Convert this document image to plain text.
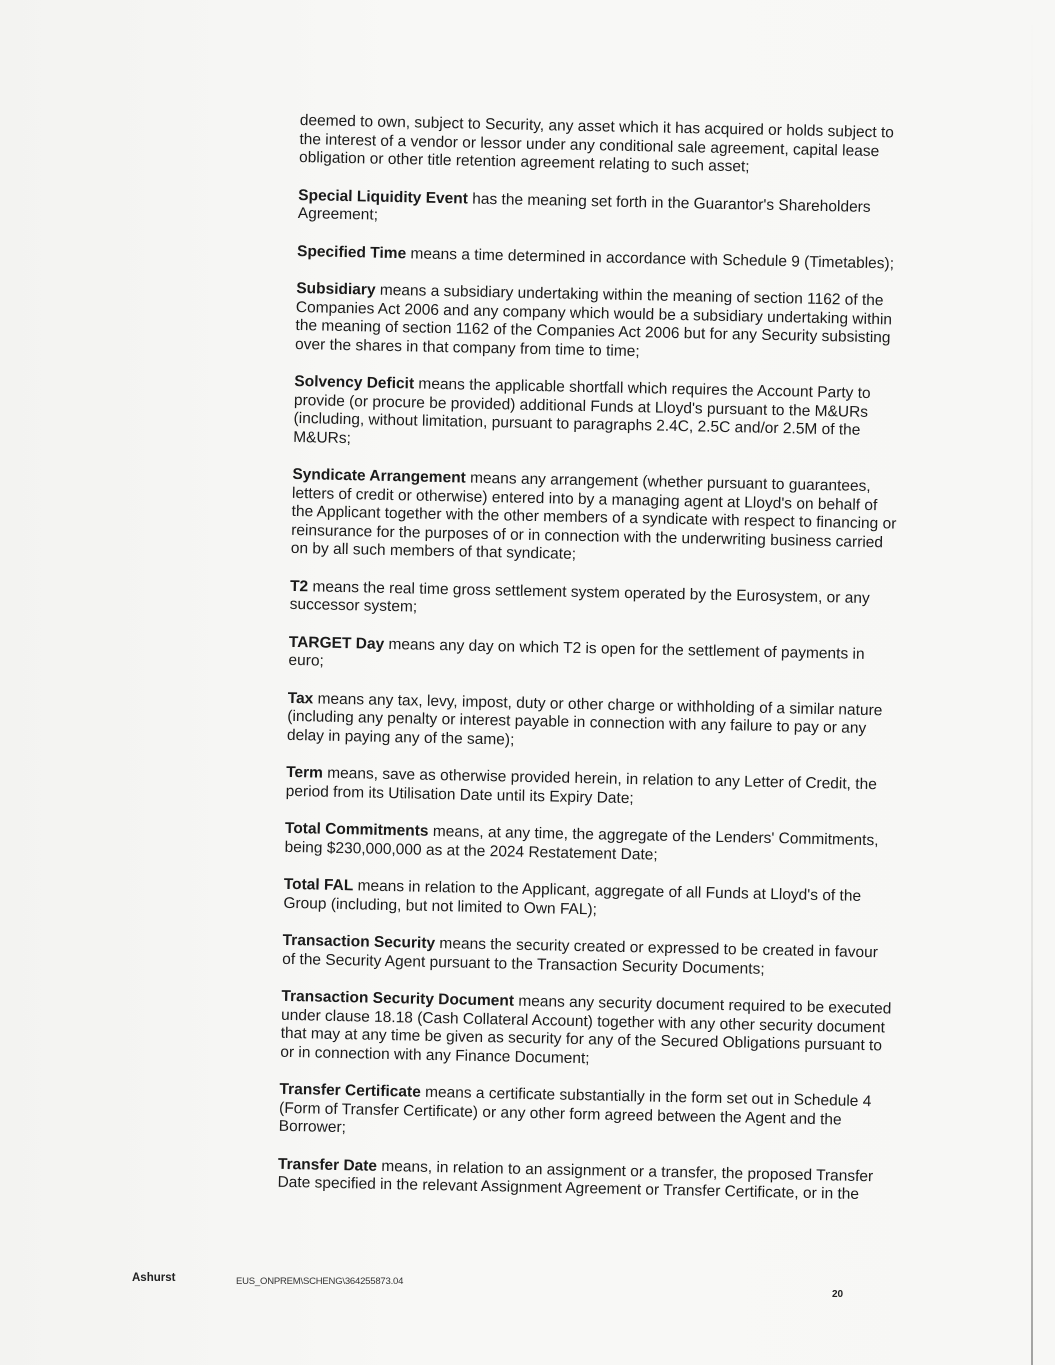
deemed to own, subject to Security, any asset which it has acquired or holds subject to the interest of a vendor or lessor under any conditional sale agreement, capital lease obligation or other title retention agreement relating to such asset;

Special Liquidity Event has the meaning set forth in the Guarantor's Shareholders Agreement;

Specified Time means a time determined in accordance with Schedule 9 (Timetables);

Subsidiary means a subsidiary undertaking within the meaning of section 1162 of the Companies Act 2006 and any company which would be a subsidiary undertaking within the meaning of section 1162 of the Companies Act 2006 but for any Security subsisting over the shares in that company from time to time;

Solvency Deficit means the applicable shortfall which requires the Account Party to provide (or procure be provided) additional Funds at Lloyd's pursuant to the M&URs (including, without limitation, pursuant to paragraphs 2.4C, 2.5C and/or 2.5M of the M&URs;

Syndicate Arrangement means any arrangement (whether pursuant to guarantees, letters of credit or otherwise) entered into by a managing agent at Lloyd's on behalf of the Applicant together with the other members of a syndicate with respect to financing or reinsurance for the purposes of or in connection with the underwriting business carried on by all such members of that syndicate;

T2 means the real time gross settlement system operated by the Eurosystem, or any successor system;

TARGET Day means any day on which T2 is open for the settlement of payments in euro;

Tax means any tax, levy, impost, duty or other charge or withholding of a similar nature (including any penalty or interest payable in connection with any failure to pay or any delay in paying any of the same);

Term means, save as otherwise provided herein, in relation to any Letter of Credit, the period from its Utilisation Date until its Expiry Date;

Total Commitments means, at any time, the aggregate of the Lenders' Commitments, being $230,000,000 as at the 2024 Restatement Date;

Total FAL means in relation to the Applicant, aggregate of all Funds at Lloyd's of the Group (including, but not limited to Own FAL);

Transaction Security means the security created or expressed to be created in favour of the Security Agent pursuant to the Transaction Security Documents;

Transaction Security Document means any security document required to be executed under clause 18.18 (Cash Collateral Account) together with any other security document that may at any time be given as security for any of the Secured Obligations pursuant to or in connection with any Finance Document;

Transfer Certificate means a certificate substantially in the form set out in Schedule 4 (Form of Transfer Certificate) or any other form agreed between the Agent and the Borrower;

Transfer Date means, in relation to an assignment or a transfer, the proposed Transfer Date specified in the relevant Assignment Agreement or Transfer Certificate, or in the

Ashurst	EUS_ONPREM\SCHENG\364255873.04
20
